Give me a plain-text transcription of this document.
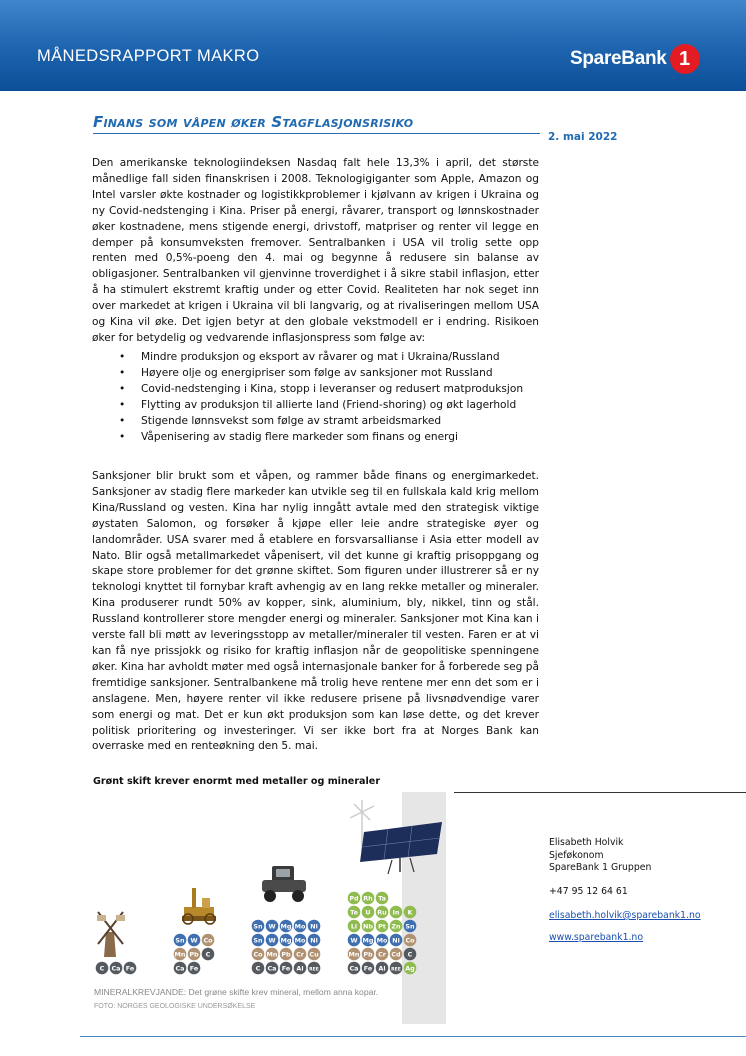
MÅNEDSRAPPORT MAKRO	SpareBank 1
Finans som våpen øker Stagflasjonsrisiko
2. mai 2022

Den amerikanske teknologiindeksen Nasdaq falt hele 13,3% i april, det største månedlige fall siden finanskrisen i 2008. Teknologigiganter som Apple, Amazon og Intel varsler økte kostnader og logistikkproblemer i kjølvann av krigen i Ukraina og ny Covid-nedstenging i Kina. Priser på energi, råvarer, transport og lønnskostnader øker kostnadene, mens stigende energi, drivstoff, matpriser og renter vil legge en demper på konsumveksten fremover. Sentralbanken i USA vil trolig sette opp renten med 0,5%-poeng den 4. mai og begynne å redusere sin balanse av obligasjoner. Sentralbanken vil gjenvinne troverdighet i å sikre stabil inflasjon, etter å ha stimulert ekstremt kraftig under og etter Covid. Realiteten har nok seget inn over markedet at krigen i Ukraina vil bli langvarig, og at rivaliseringen mellom USA og Kina vil øke. Det igjen betyr at den globale vekstmodell er i endring. Risikoen øker for betydelig og vedvarende inflasjonspress som følge av:

• Mindre produksjon og eksport av råvarer og mat i Ukraina/Russland
• Høyere olje og energipriser som følge av sanksjoner mot Russland
• Covid-nedstenging i Kina, stopp i leveranser og redusert matproduksjon
• Flytting av produksjon til allierte land (Friend-shoring) og økt lagerhold
• Stigende lønnsvekst som følge av stramt arbeidsmarked
• Våpenisering av stadig flere markeder som finans og energi

Sanksjoner blir brukt som et våpen, og rammer både finans og energimarkedet. Sanksjoner av stadig flere markeder kan utvikle seg til en fullskala kald krig mellom Kina/Russland og vesten. Kina har nylig inngått avtale med den strategisk viktige øystaten Salomon, og forsøker å kjøpe eller leie andre strategiske øyer og landområder. USA svarer med å etablere en forsvarsallianse i Asia etter modell av Nato. Blir også metallmarkedet våpenisert, vil det kunne gi kraftig prisoppgang og skape store problemer for det grønne skiftet. Som figuren under illustrerer så er ny teknologi knyttet til fornybar kraft avhengig av en lang rekke metaller og mineraler. Kina produserer rundt 50% av kopper, sink, aluminium, bly, nikkel, tinn og stål. Russland kontrollerer store mengder energi og mineraler. Sanksjoner mot Kina kan i verste fall bli møtt av leveringsstopp av metaller/mineraler til vesten. Faren er at vi kan få nye prissjokk og risiko for kraftig inflasjon når de geopolitiske spenningene øker. Kina har avholdt møter med også internasjonale banker for å forberede seg på fremtidige sanksjoner. Sentralbankene må trolig heve rentene mer enn det som er i anslagene. Men, høyere renter vil ikke redusere prisene på livsnødvendige varer som energi og mat. Det er kun økt produksjon som kan løse dette, og det krever politisk prioritering og investeringer. Vi ser ikke bort fra at Norges Bank kan overraske med en renteøkning den 5. mai.

Grønt skift krever enormt med metaller og mineraler
C Ca Fe
Sn W Co
Mn Pb C
Ca Fe
Sn W Mg Mo Ni
Sn W Mg Mo Ni
Co Mn Pb Cr Cu
C Ca Fe Al REE
Pd Rh Ta
Te U Ru In K
Li Nb Pt Zn Sn
W Mg Mo Ni Co
Mn Pb Cr Cd C
Ca Fe Al REE Ag
MINERALKREVJANDE: Det grøne skifte krev mineral, mellom anna kopar.
FOTO: NORGES GEOLOGISKE UNDERSØKELSE
Elisabeth Holvik
Sjeføkonom
SpareBank 1 Gruppen
+47 95 12 64 61
elisabeth.holvik@sparebank1.no
www.sparebank1.no
